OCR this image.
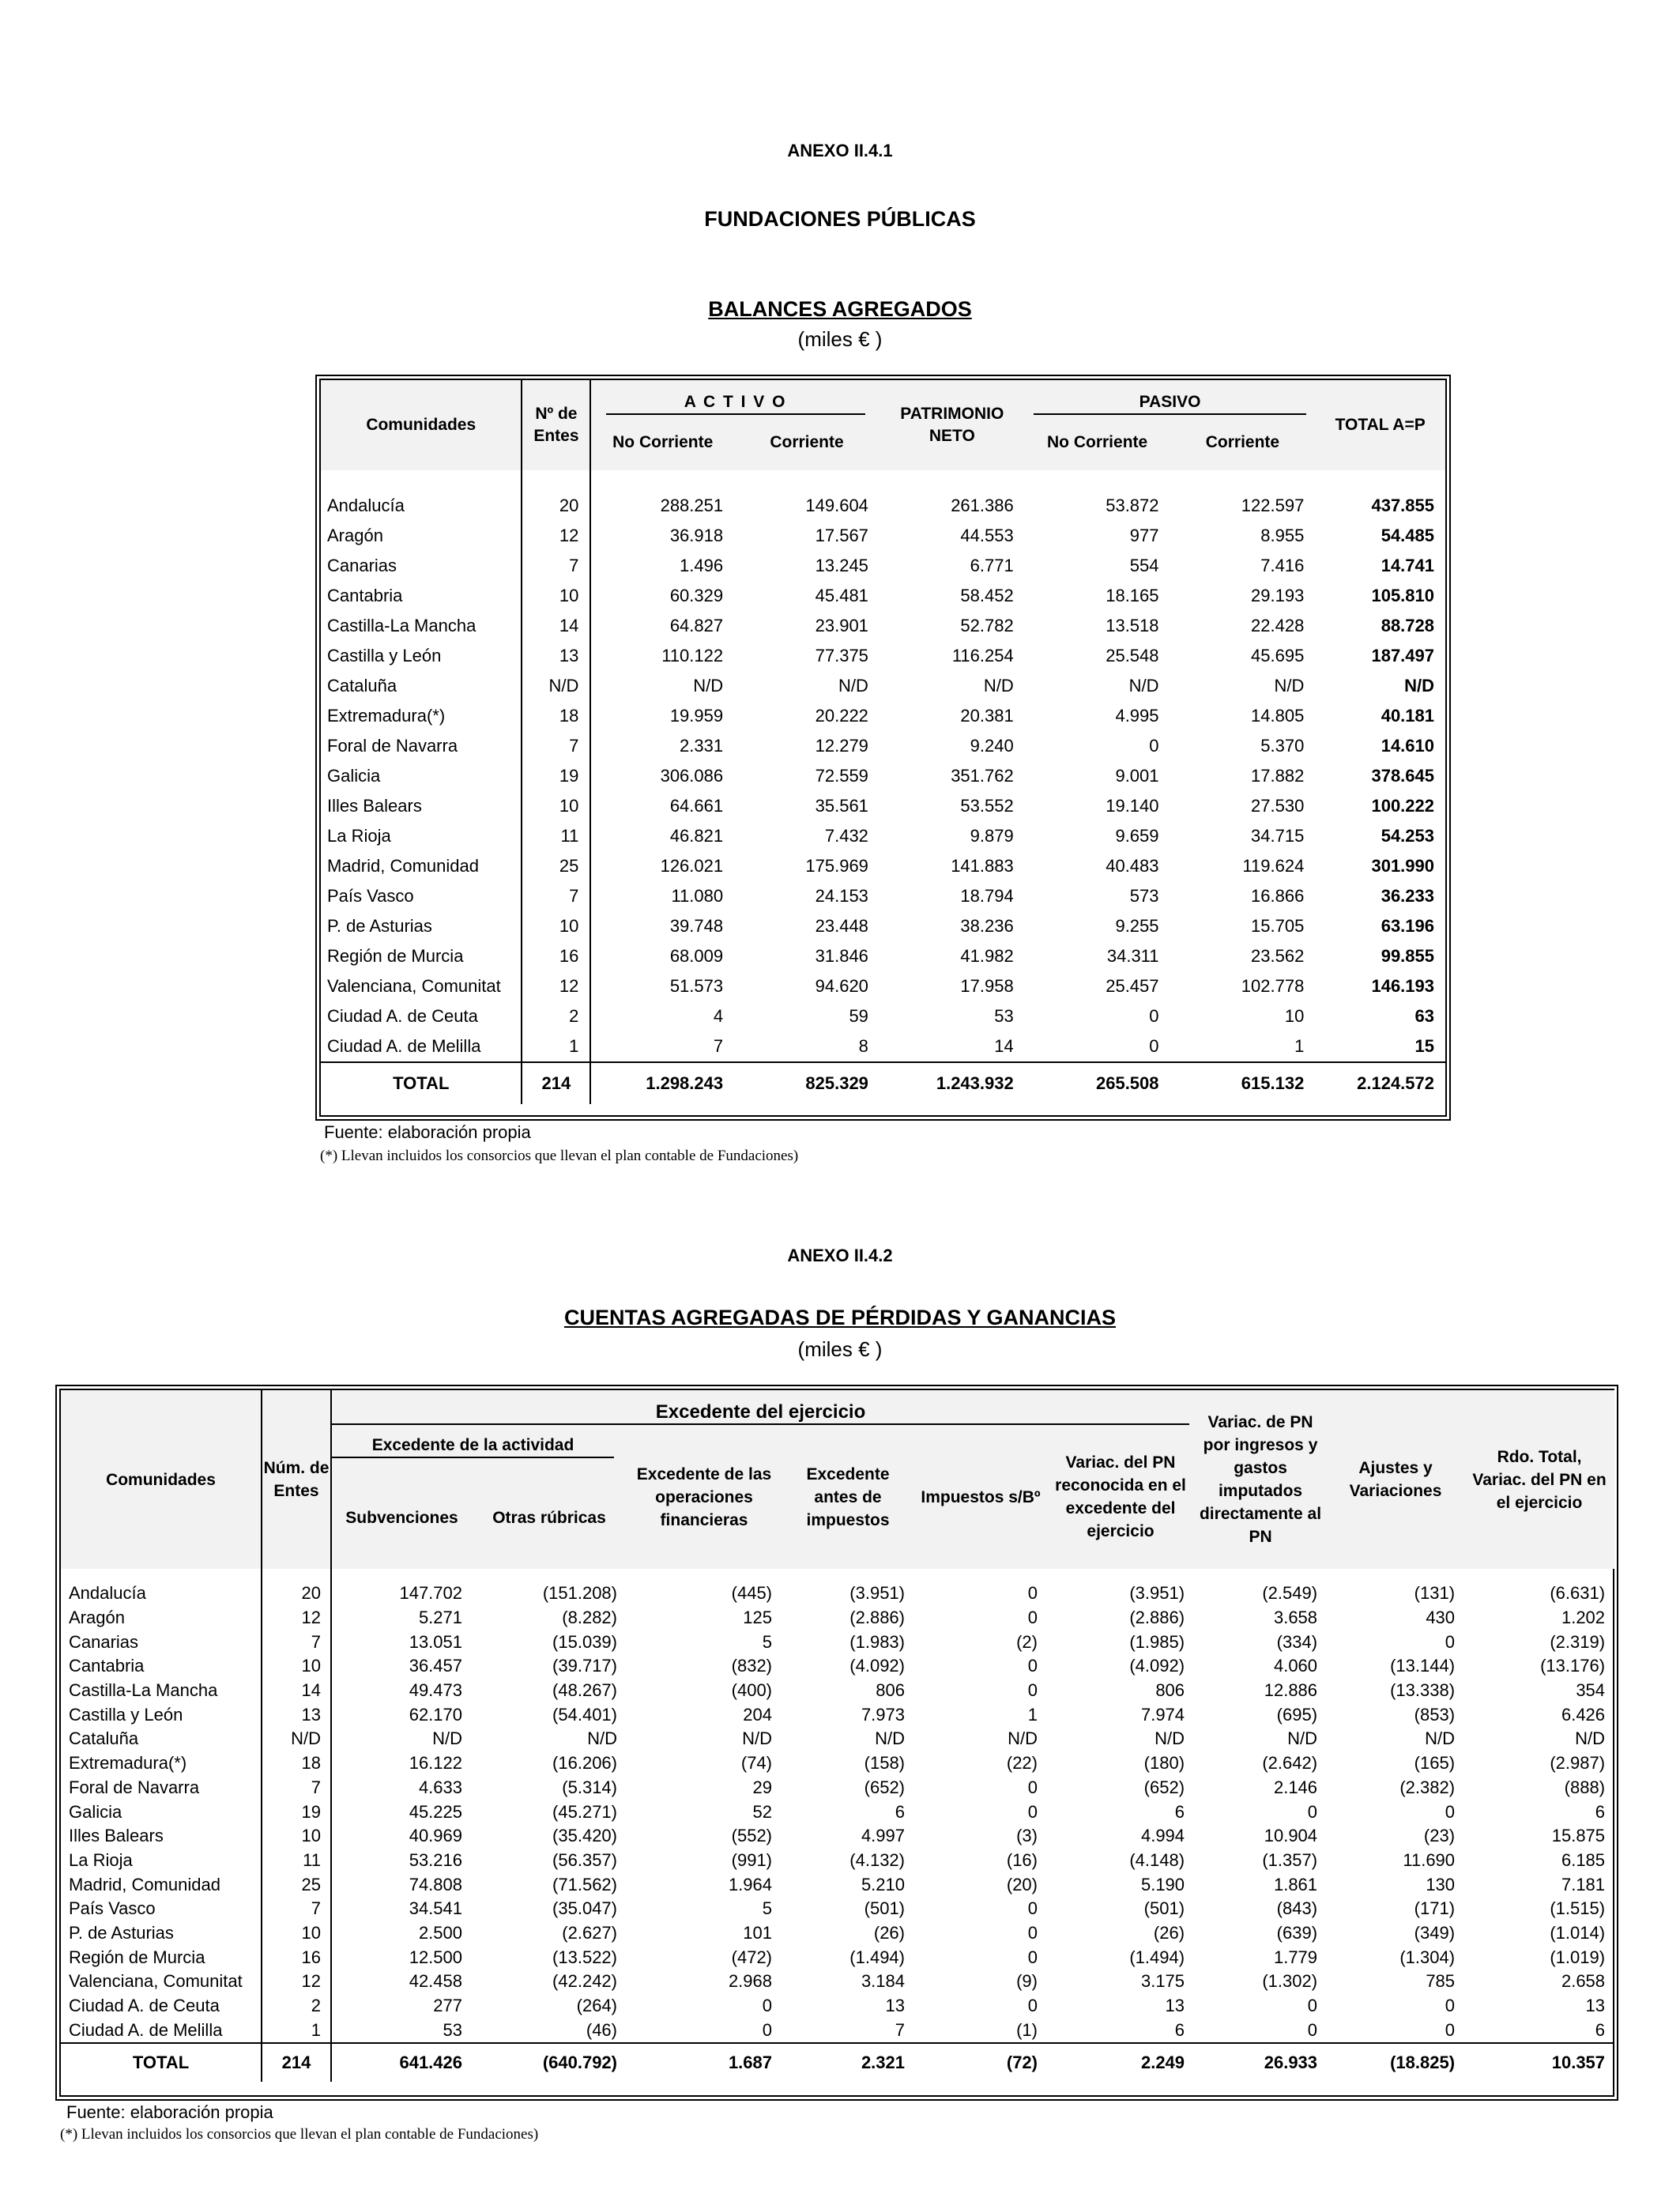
ANEXO II.4.1
FUNDACIONES PÚBLICAS
BALANCES AGREGADOS
(miles € )
Comunidades	Nº de Entes	A C T I V O		PATRIMONIO NETO	PASIVO		TOTAL A=P
		No Corriente	Corriente		No Corriente	Corriente	

Andalucía	20	288.251	149.604	261.386	53.872	122.597	437.855
Aragón	12	36.918	17.567	44.553	977	8.955	54.485
Canarias	7	1.496	13.245	6.771	554	7.416	14.741
Cantabria	10	60.329	45.481	58.452	18.165	29.193	105.810
Castilla-La Mancha	14	64.827	23.901	52.782	13.518	22.428	88.728
Castilla y León	13	110.122	77.375	116.254	25.548	45.695	187.497
Cataluña	N/D	N/D	N/D	N/D	N/D	N/D	N/D
Extremadura(*)	18	19.959	20.222	20.381	4.995	14.805	40.181
Foral de Navarra	7	2.331	12.279	9.240	0	5.370	14.610
Galicia	19	306.086	72.559	351.762	9.001	17.882	378.645
Illes Balears	10	64.661	35.561	53.552	19.140	27.530	100.222
La Rioja	11	46.821	7.432	9.879	9.659	34.715	54.253
Madrid, Comunidad	25	126.021	175.969	141.883	40.483	119.624	301.990
País Vasco	7	11.080	24.153	18.794	573	16.866	36.233
P. de Asturias	10	39.748	23.448	38.236	9.255	15.705	63.196
Región de Murcia	16	68.009	31.846	41.982	34.311	23.562	99.855
Valenciana, Comunitat	12	51.573	94.620	17.958	25.457	102.778	146.193
Ciudad A. de Ceuta	2	4	59	53	0	10	63
Ciudad A. de Melilla	1	7	8	14	0	1	15
TOTAL	214	1.298.243	825.329	1.243.932	265.508	615.132	2.124.572
Fuente: elaboración propia
(*) Llevan incluidos los consorcios que llevan el plan contable de Fundaciones)
ANEXO II.4.2
CUENTAS AGREGADAS DE PÉRDIDAS Y GANANCIAS
(miles € )
Comunidades	Núm. de Entes	Excedente del ejercicio						Variac. de PN por ingresos y gastos imputados directamente al PN	Ajustes y Variaciones	Rdo. Total, Variac. del PN en el ejercicio

		Excedente de la actividad		Excedente de las operaciones financieras	Excedente antes de impuestos	Impuestos s/Bº	Variac. del PN reconocida en el excedente del ejercicio			
		Subvenciones	Otras rúbricas							

Andalucía	20	147.702	(151.208)	(445)	(3.951)	0	(3.951)	(2.549)	(131)	(6.631)
Aragón	12	5.271	(8.282)	125	(2.886)	0	(2.886)	3.658	430	1.202
Canarias	7	13.051	(15.039)	5	(1.983)	(2)	(1.985)	(334)	0	(2.319)
Cantabria	10	36.457	(39.717)	(832)	(4.092)	0	(4.092)	4.060	(13.144)	(13.176)
Castilla-La Mancha	14	49.473	(48.267)	(400)	806	0	806	12.886	(13.338)	354
Castilla y León	13	62.170	(54.401)	204	7.973	1	7.974	(695)	(853)	6.426
Cataluña	N/D	N/D	N/D	N/D	N/D	N/D	N/D	N/D	N/D	N/D
Extremadura(*)	18	16.122	(16.206)	(74)	(158)	(22)	(180)	(2.642)	(165)	(2.987)
Foral de Navarra	7	4.633	(5.314)	29	(652)	0	(652)	2.146	(2.382)	(888)
Galicia	19	45.225	(45.271)	52	6	0	6	0	0	6
Illes Balears	10	40.969	(35.420)	(552)	4.997	(3)	4.994	10.904	(23)	15.875
La Rioja	11	53.216	(56.357)	(991)	(4.132)	(16)	(4.148)	(1.357)	11.690	6.185
Madrid, Comunidad	25	74.808	(71.562)	1.964	5.210	(20)	5.190	1.861	130	7.181
País Vasco	7	34.541	(35.047)	5	(501)	0	(501)	(843)	(171)	(1.515)
P. de Asturias	10	2.500	(2.627)	101	(26)	0	(26)	(639)	(349)	(1.014)
Región de Murcia	16	12.500	(13.522)	(472)	(1.494)	0	(1.494)	1.779	(1.304)	(1.019)
Valenciana, Comunitat	12	42.458	(42.242)	2.968	3.184	(9)	3.175	(1.302)	785	2.658
Ciudad A. de Ceuta	2	277	(264)	0	13	0	13	0	0	13
Ciudad A. de Melilla	1	53	(46)	0	7	(1)	6	0	0	6
TOTAL	214	641.426	(640.792)	1.687	2.321	(72)	2.249	26.933	(18.825)	10.357
Fuente: elaboración propia
(*) Llevan incluidos los consorcios que llevan el plan contable de Fundaciones)
